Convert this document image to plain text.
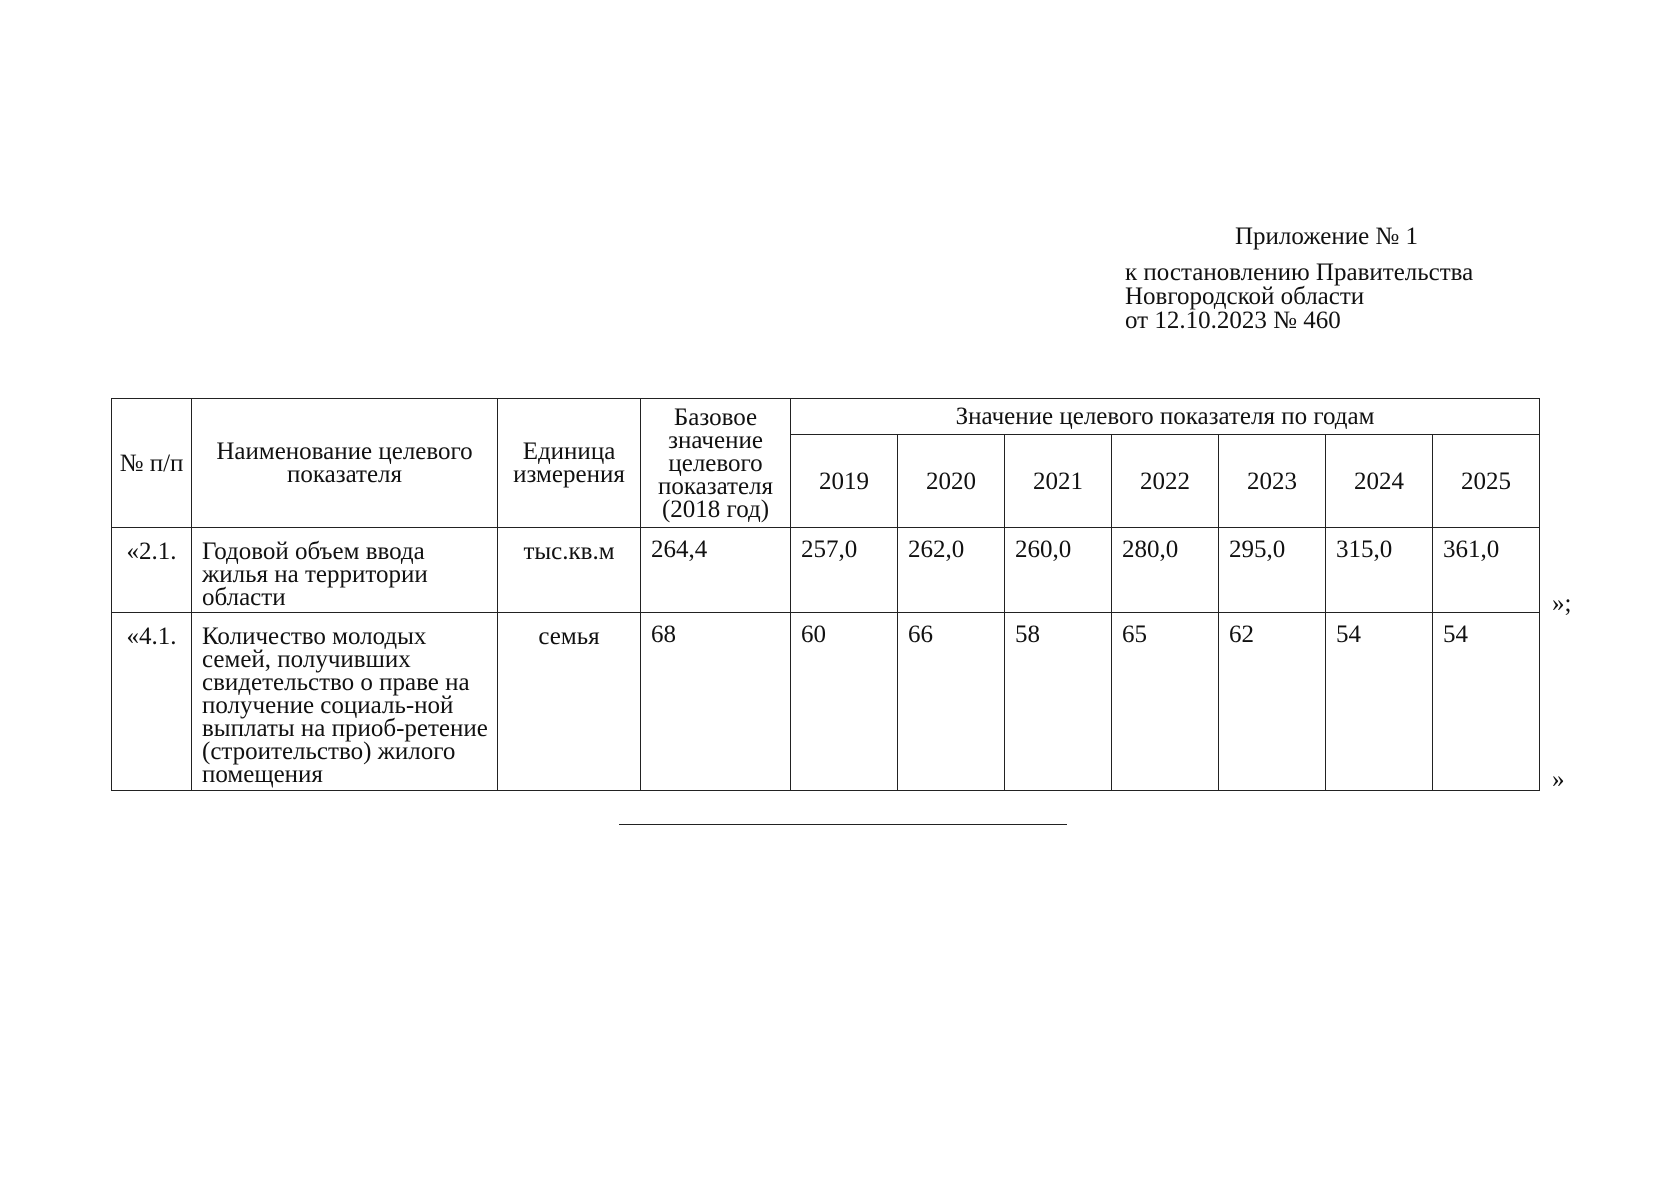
Приложение № 1
к постановлению Правительства
Новгородской области
от 12.10.2023 № 460
№ п/п	Наименование целевого показателя	Единица измерения	Базовое значение целевого показателя (2018 год)	Значение целевого показателя по годам						
				2019	2020	2021	2022	2023	2024	2025
«2.1.	Годовой объем ввода жилья на территории области	тыс.кв.м	264,4	257,0	262,0	260,0	280,0	295,0	315,0	361,0
«4.1.	Количество молодых семей, получивших свидетельство о праве на получение социаль-ной выплаты на приоб-ретение (строительство) жилого помещения	семья	68	60	66	58	65	62	54	54
»;
»
